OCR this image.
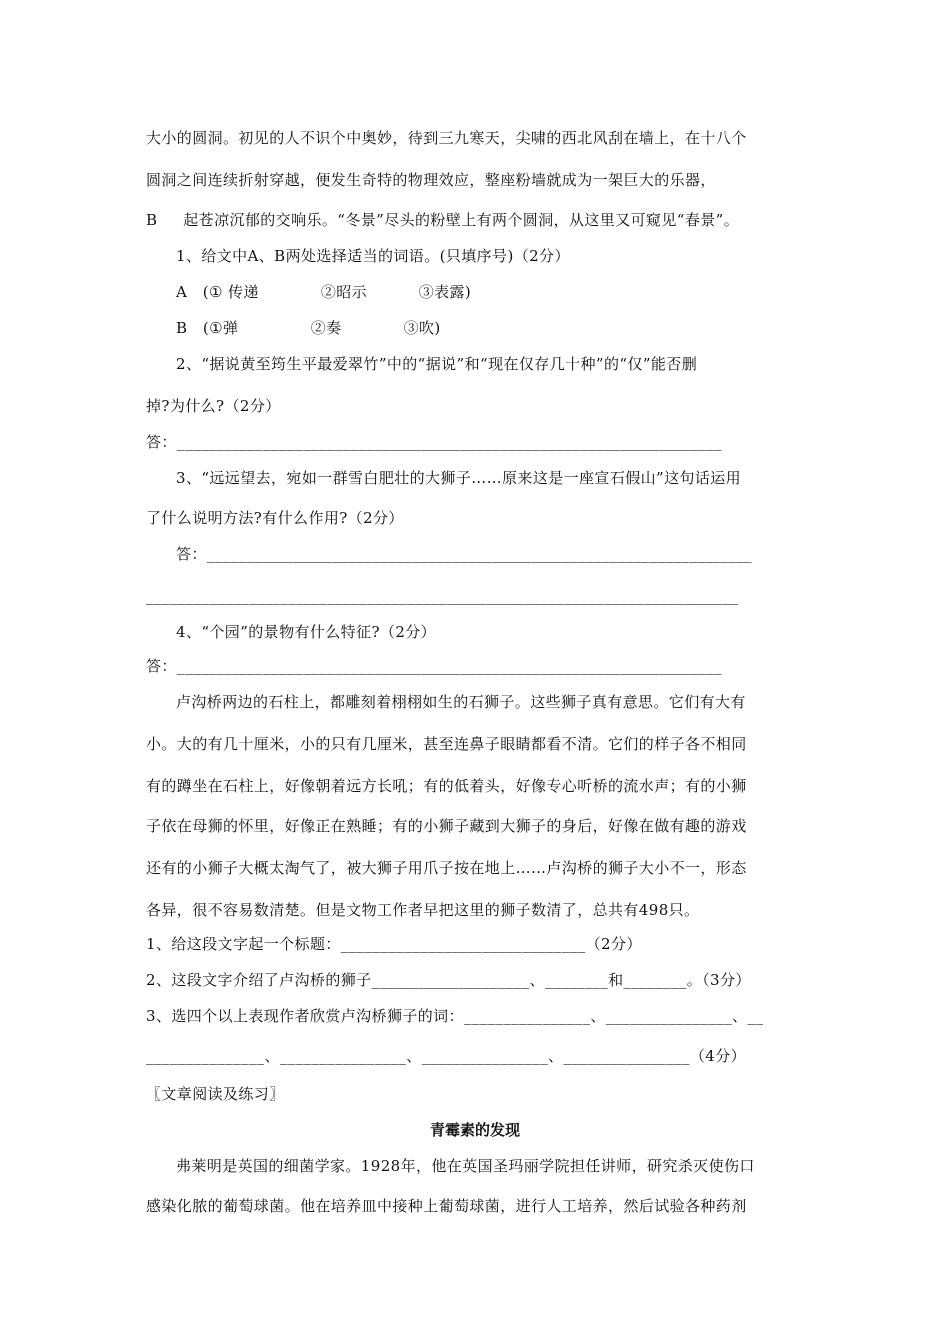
大小的圆洞。初见的人不识个中奥妙，待到三九寒天，尖啸的西北风刮在墙上，在十八个
圆洞之间连续折射穿越，便发生奇特的物理效应，整座粉墙就成为一架巨大的乐器，
B     起苍凉沉郁的交响乐。“冬景”尽头的粉壁上有两个圆洞，从这里又可窥见“春景”。
1、给文中A、B两处选择适当的词语。(只填序号)（2分）
A   (① 传递            ②昭示          ③表露)
B   (①弹              ②奏            ③吹)
2、“据说黄至筠生平最爱翠竹”中的“据说”和“现在仅存几十种”的“仅”能否删
掉?为什么?（2分）
答：_____________________________________________________________________
3、“远远望去，宛如一群雪白肥壮的大狮子……原来这是一座宣石假山”这句话运用
了什么说明方法?有什么作用?（2分）
答：_____________________________________________________________________
___________________________________________________________________________
4、“个园”的景物有什么特征?（2分）
答：_____________________________________________________________________
卢沟桥两边的石柱上，都雕刻着栩栩如生的石狮子。这些狮子真有意思。它们有大有
小。大的有几十厘米，小的只有几厘米，甚至连鼻子眼睛都看不清。它们的样子各不相同
有的蹲坐在石柱上，好像朝着远方长吼；有的低着头，好像专心听桥的流水声；有的小狮
子依在母狮的怀里，好像正在熟睡；有的小狮子藏到大狮子的身后，好像在做有趣的游戏
还有的小狮子大概太淘气了，被大狮子用爪子按在地上……卢沟桥的狮子大小不一，形态
各异，很不容易数清楚。但是文物工作者早把这里的狮子数清了，总共有498只。
1、给这段文字起一个标题：_______________________________（2分）
2、这段文字介绍了卢沟桥的狮子____________________、________和________。（3分）
3、选四个以上表现作者欣赏卢沟桥狮子的词：________________、________________、__
_______________、________________、________________、________________（4分）
〖文章阅读及练习〗
青霉素的发现
弗莱明是英国的细菌学家。1928年，他在英国圣玛丽学院担任讲师，研究杀灭使伤口
感染化脓的葡萄球菌。他在培养皿中接种上葡萄球菌，进行人工培养，然后试验各种药剂
